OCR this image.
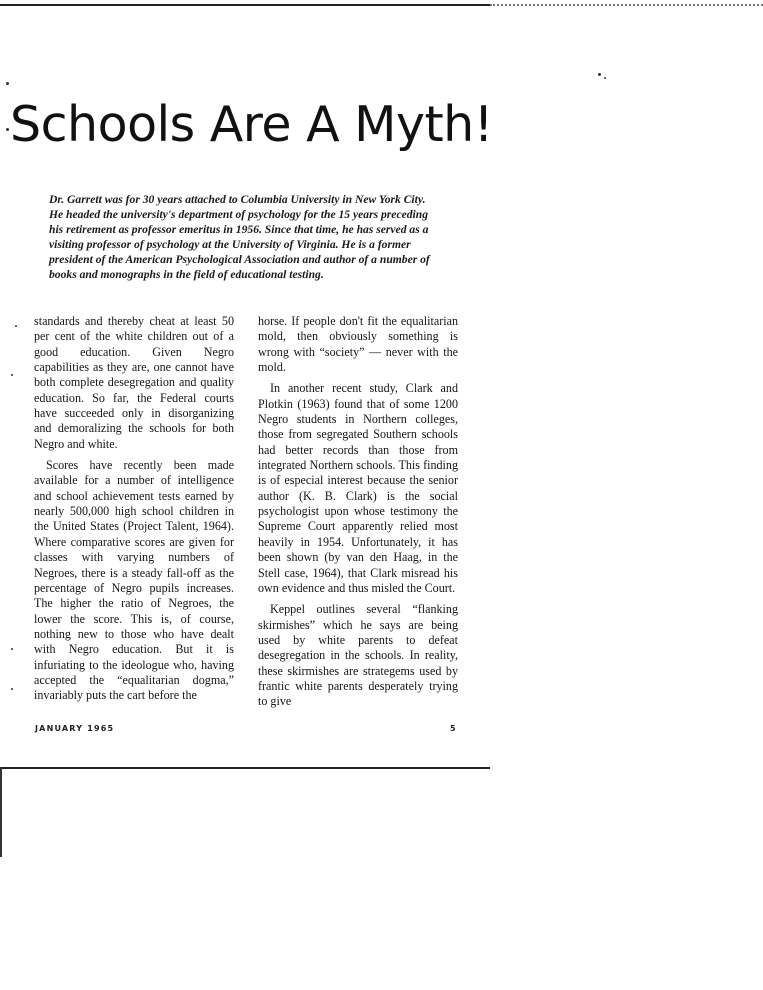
Schools Are A Myth!

Dr. Garrett was for 30 years attached to Columbia University in New York City. He headed the university's department of psychology for the 15 years preceding his retirement as professor emeritus in 1956. Since that time, he has served as a visiting professor of psychology at the University of Virginia. He is a former president of the American Psychological Association and author of a number of books and monographs in the field of educational testing.

standards and thereby cheat at least 50 per cent of the white children out of a good education. Given Negro capabilities as they are, one cannot have both complete desegregation and quality education. So far, the Federal courts have succeeded only in disorganizing and demoralizing the schools for both Negro and white.

Scores have recently been made available for a number of intelligence and school achievement tests earned by nearly 500,000 high school children in the United States (Project Talent, 1964). Where comparative scores are given for classes with varying numbers of Negroes, there is a steady fall-off as the percentage of Negro pupils increases. The higher the ratio of Negroes, the lower the score. This is, of course, nothing new to those who have dealt with Negro education. But it is infuriating to the ideologue who, having accepted the “equalitarian dogma,” invariably puts the cart before the

horse. If people don't fit the equalitarian mold, then obviously something is wrong with “society” — never with the mold.

In another recent study, Clark and Plotkin (1963) found that of some 1200 Negro students in Northern colleges, those from segregated Southern schools had better records than those from integrated Northern schools. This finding is of especial interest because the senior author (K. B. Clark) is the social psychologist upon whose testimony the Supreme Court apparently relied most heavily in 1954. Unfortunately, it has been shown (by van den Haag, in the Stell case, 1964), that Clark misread his own evidence and thus misled the Court.

Keppel outlines several “flanking skirmishes” which he says are being used by white parents to defeat desegregation in the schools. In reality, these skirmishes are strategems used by frantic white parents desperately trying to give

JANUARY 1965	5
